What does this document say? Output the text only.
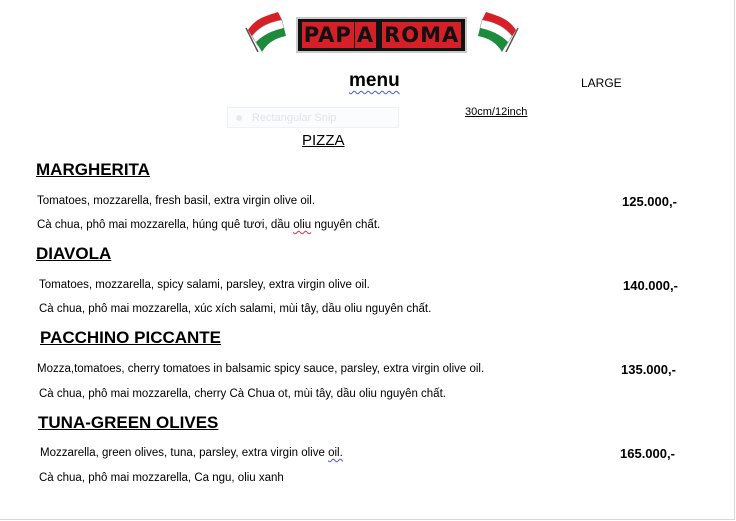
PAP A ROMA
menu	LARGE
Rectangular Snip	30cm/12inch
PIZZA
MARGHERITA
Tomatoes, mozzarella, fresh basil, extra virgin olive oil.	125.000,-
Cà chua, phô mai mozzarella, húng quê tươi, dầu oliu nguyên chất.
DIAVOLA
Tomatoes, mozzarella, spicy salami, parsley, extra virgin olive oil.	140.000,-
Cà chua, phô mai mozzarella, xúc xích salami, mùi tây, dầu oliu nguyên chất.
PACCHINO PICCANTE
Mozza,tomatoes, cherry tomatoes in balsamic spicy sauce, parsley, extra virgin olive oil.	135.000,-
Cà chua, phô mai mozzarella, cherry Cà Chua ot, mùi tây, dầu oliu nguyên chất.
TUNA-GREEN OLIVES
Mozzarella, green olives, tuna, parsley, extra virgin olive oil.	165.000,-
Cà chua, phô mai mozzarella, Ca ngu, oliu xanh
